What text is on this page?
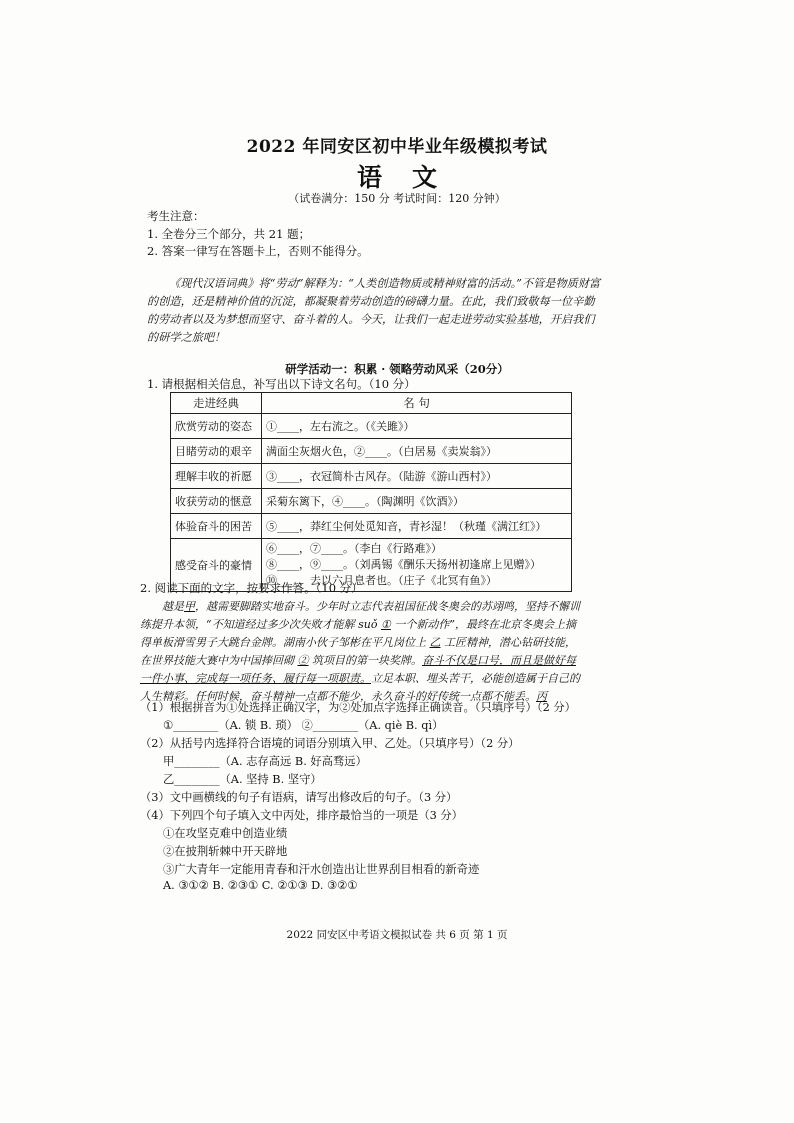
2022 年同安区初中毕业年级模拟考试
语文
（试卷满分：150 分 考试时间：120 分钟）
考生注意：
1. 全卷分三个部分，共 21 题；
2. 答案一律写在答题卡上，否则不能得分。
《现代汉语词典》将“劳动”解释为：“人类创造物质或精神财富的活动。”不管是物质财富的创造，还是精神价值的沉淀，都凝聚着劳动创造的磅礴力量。在此，我们致敬每一位辛勤的劳动者以及为梦想而坚守、奋斗着的人。今天，让我们一起走进劳动实验基地，开启我们的研学之旅吧！
研学活动一：积累 · 领略劳动风采（20分）
1. 请根据相关信息，补写出以下诗文名句。（10 分）
走进经典	名 句
欣赏劳动的姿态	①____，左右流之。（《关雎》）
目睹劳动的艰辛	满面尘灰烟火色，②____。（白居易《卖炭翁》）
理解丰收的祈愿	③____，衣冠简朴古风存。（陆游《游山西村》）
收获劳动的惬意	采菊东篱下，④____。（陶渊明《饮酒》）
体验奋斗的困苦	⑤____，莽红尘何处觅知音，青衫湿！（秋瑾《满江红》）
感受奋斗的豪情	⑥____，⑦____。（李白《行路难》）
⑧____，⑨____。（刘禹锡《酬乐天扬州初逢席上见赠》）
⑩____，去以六月息者也。（庄子《北冥有鱼》）
2. 阅读下面的文字，按要求作答。（10 分）
越是甲，越需要脚踏实地奋斗。少年时立志代表祖国征战冬奥会的苏翊鸣，坚持不懈训练提升本领，“不知道经过多少次失败才能解 suǒ ① 一个新动作”，最终在北京冬奥会上摘得单板滑雪男子大跳台金牌。湖南小伙子邹彬在平凡岗位上 乙 工匠精神，潜心钻研技能，在世界技能大赛中为中国捧回砌 ② 筑项目的第一块奖牌。奋斗不仅是口号，而且是做好每一件小事、完成每一项任务、履行每一项职责。立足本职、埋头苦干，必能创造属于自己的人生精彩。任何时候，奋斗精神一点都不能少，永久奋斗的好传统一点都不能丢。丙
（1）根据拼音为①处选择正确汉字，为②处加点字选择正确读音。（只填序号）（2 分）
①________（A. 锁 B. 琐） ②________（A. qiè B. qì）
（2）从括号内选择符合语境的词语分别填入甲、乙处。（只填序号）（2 分）
甲________（A. 志存高远 B. 好高骛远）
乙________（A. 坚持 B. 坚守）
（3）文中画横线的句子有语病，请写出修改后的句子。（3 分）
（4）下列四个句子填入文中丙处，排序最恰当的一项是（3 分）
①在攻坚克难中创造业绩
②在披荆斩棘中开天辟地
③广大青年一定能用青春和汗水创造出让世界刮目相看的新奇迹
A. ③①② B. ②③① C. ②①③ D. ③②①
2022 同安区中考语文模拟试卷 共 6 页 第 1 页
